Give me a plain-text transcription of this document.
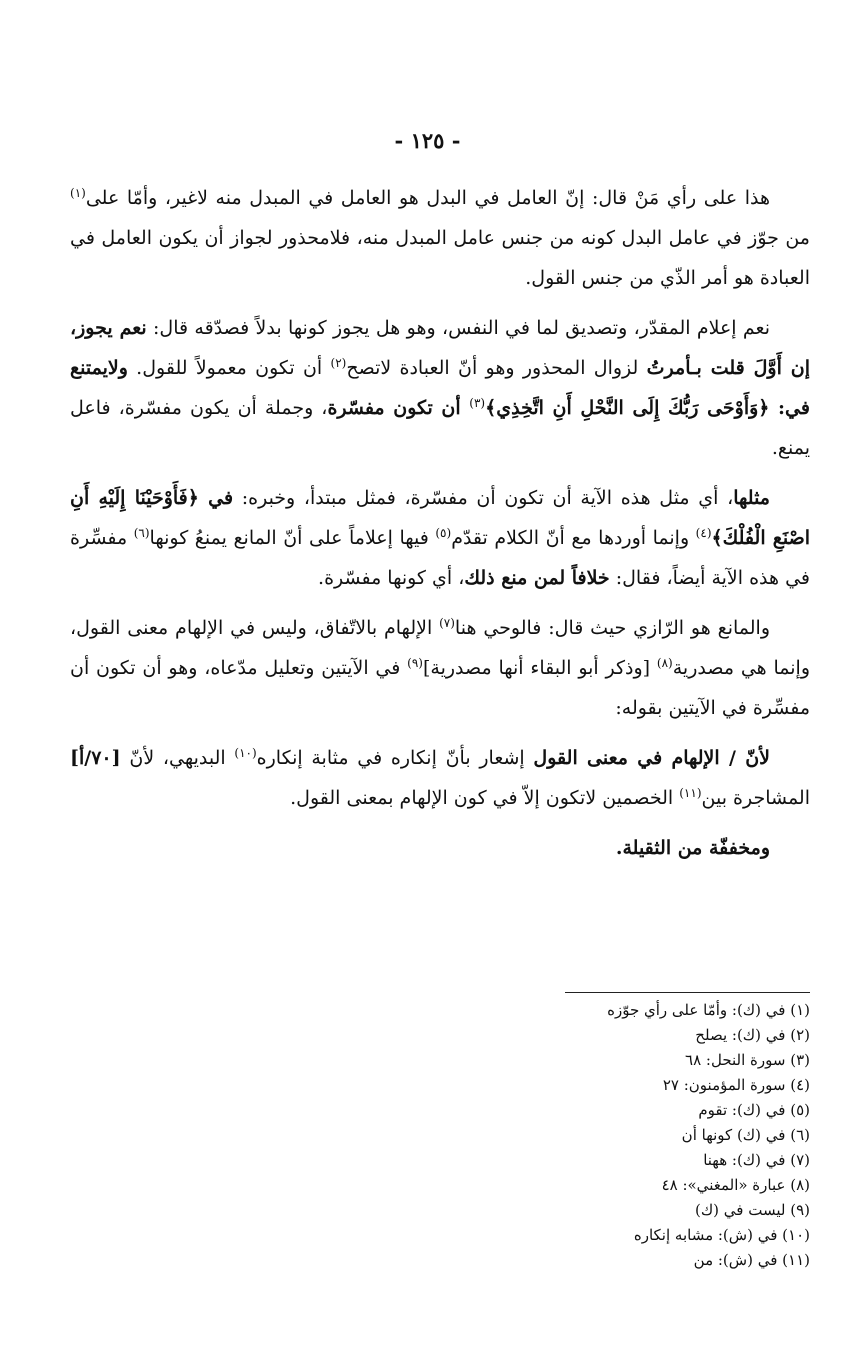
- ١٢٥ -

هذا على رأي مَنْ قال: إنّ العامل في البدل هو العامل في المبدل منه لاغير، وأمّا على$^{(١)}$ من جوّز في عامل البدل كونه من جنس عامل المبدل منه، فلامحذور لجواز أن يكون العامل في العبادة هو أمر الذّي من جنس القول.

نعم إعلام المقدّر، وتصديق لما في النفس، وهو هل يجوز كونها بدلاً فصدّقه قال: نعم يجوز، إن أَوَّلَ قلت بـأمرتُ لزوال المحذور وهو أنّ العبادة لاتصح$^{(٢)}$ أن تكون معمولاً للقول. ولايمتنع في: ﴿وَأَوْحَى رَبُّكَ إِلَى النَّحْلِ أَنِ اتَّخِذِي﴾$^{(٣)}$ أن تكون مفسّرة، وجملة أن يكون مفسّرة، فاعل يمنع.

مثلها، أي مثل هذه الآية أن تكون أن مفسّرة، فمثل مبتدأ، وخبره: في ﴿فَأَوْحَيْنَا إِلَيْهِ أَنِ اصْنَعِ الْفُلْكَ﴾$^{(٤)}$ وإنما أوردها مع أنّ الكلام تقدّم$^{(٥)}$ فيها إعلاماً على أنّ المانع يمنعُ كونها$^{(٦)}$ مفسِّرة في هذه الآية أيضاً، فقال: خلافاً لمن منع ذلك، أي كونها مفسّرة.

والمانع هو الرّازي حيث قال: فالوحي هنا$^{(٧)}$ الإلهام بالاتّفاق، وليس في الإلهام معنى القول، وإنما هي مصدرية$^{(٨)}$ [وذكر أبو البقاء أنها مصدرية]$^{(٩)}$ في الآيتين وتعليل مدّعاه، وهو أن تكون أن مفسِّرة في الآيتين بقوله:

لأنّ / الإلهام في معنى القول إشعار بأنّ إنكاره في مثابة إنكاره$^{(١٠)}$ البديهي، لأنّ [٧٠/أ] المشاجرة بين$^{(١١)}$ الخصمين لاتكون إلاّ في كون الإلهام بمعنى القول.

ومخففّة من الثقيلة.

(١) في (ك): وأمّا على رأي جوّزه
(٢) في (ك): يصلح
(٣) سورة النحل: ٦٨
(٤) سورة المؤمنون: ٢٧
(٥) في (ك): تقوم
(٦) في (ك) كونها أن
(٧) في (ك): ههنا
(٨) عبارة «المغني»: ٤٨
(٩) ليست في (ك)
(١٠) في (ش): مشابه إنكاره
(١١) في (ش): من
